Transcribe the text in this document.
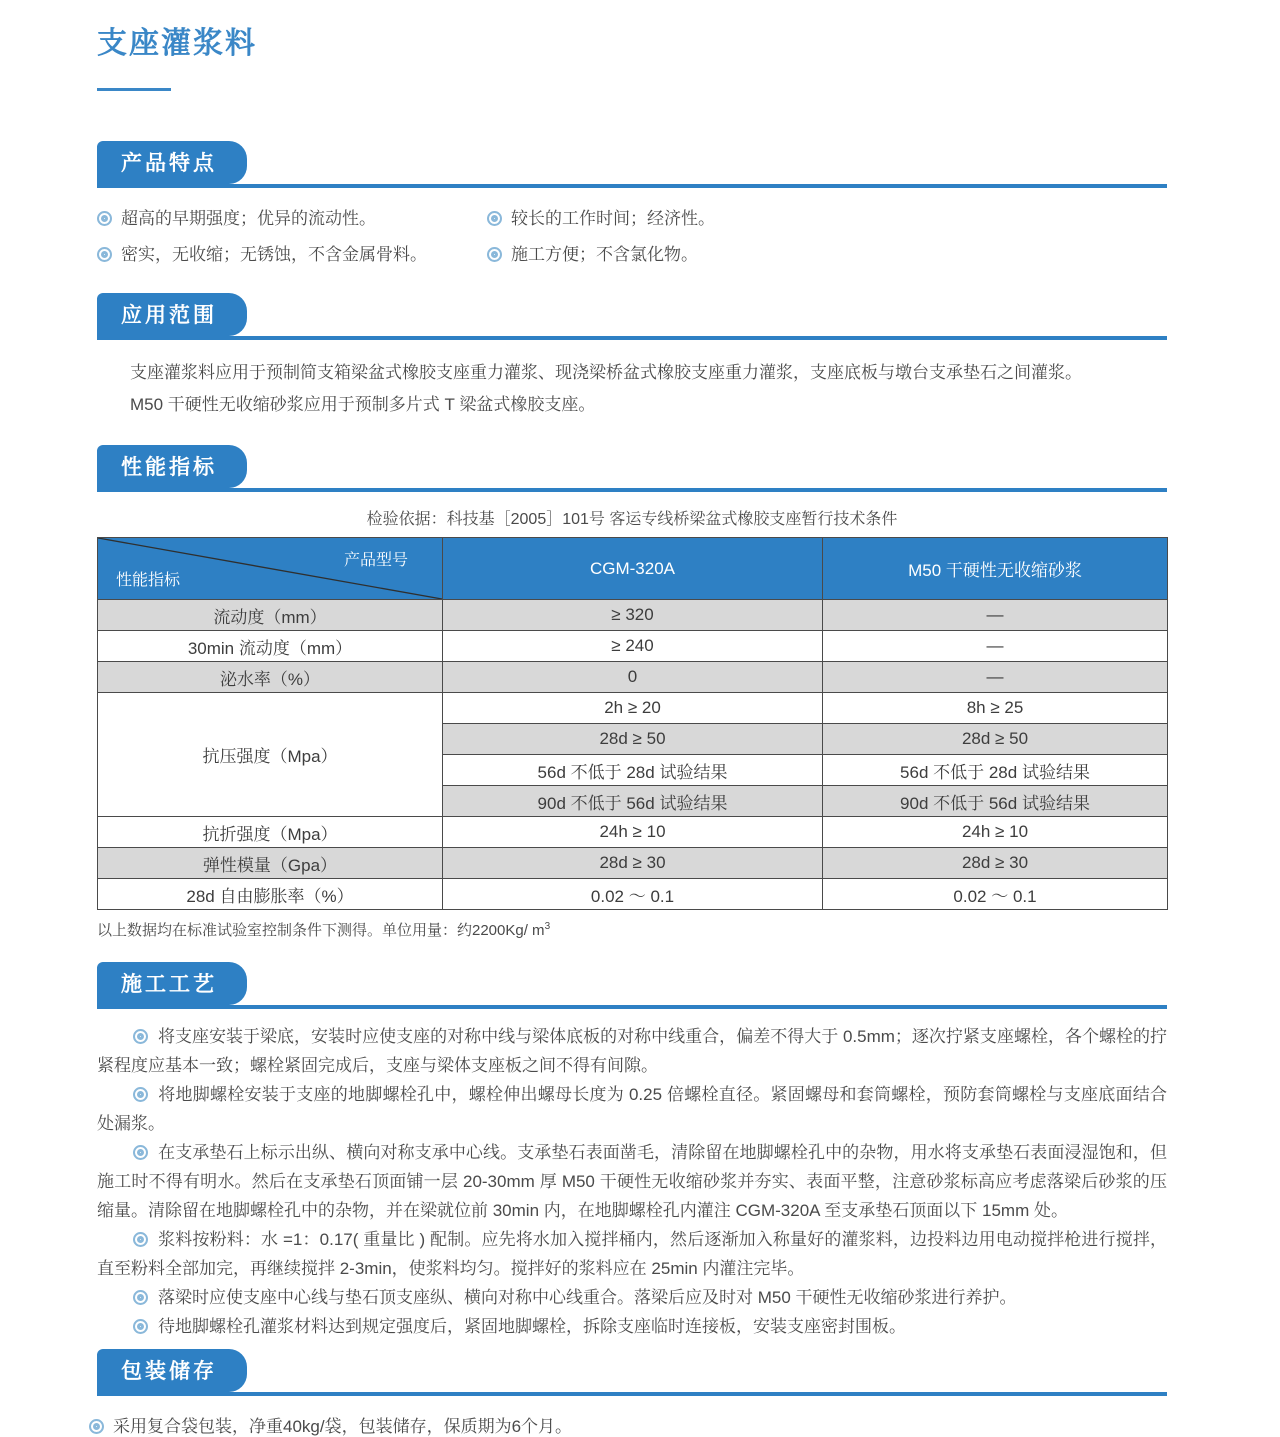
支座灌浆料
产品特点
超高的早期强度；优异的流动性。	较长的工作时间；经济性。
密实，无收缩；无锈蚀，不含金属骨料。	施工方便；不含氯化物。
应用范围
支座灌浆料应用于预制简支箱梁盆式橡胶支座重力灌浆、现浇梁桥盆式橡胶支座重力灌浆，支座底板与墩台支承垫石之间灌浆。
M50 干硬性无收缩砂浆应用于预制多片式 T 梁盆式橡胶支座。
性能指标
检验依据：科技基［2005］101号 客运专线桥梁盆式橡胶支座暂行技术条件
产品型号
性能指标	CGM-320A	M50 干硬性无收缩砂浆
流动度（mm）	≥ 320	—
30min 流动度（mm）	≥ 240	—
泌水率（%）	0	—
抗压强度（Mpa）	2h ≥ 20	8h ≥ 25
	28d ≥ 50	28d ≥ 50
	56d 不低于 28d 试验结果	56d 不低于 28d 试验结果
	90d 不低于 56d 试验结果	90d 不低于 56d 试验结果
抗折强度（Mpa）	24h ≥ 10	24h ≥ 10
弹性模量（Gpa）	28d ≥ 30	28d ≥ 30
28d 自由膨胀率（%）	0.02 ～ 0.1	0.02 ～ 0.1
以上数据均在标准试验室控制条件下测得。单位用量：约2200Kg/ $m^3$
施工工艺

将支座安装于梁底，安装时应使支座的对称中线与梁体底板的对称中线重合，偏差不得大于 0.5mm；逐次拧紧支座螺栓，各个螺栓的拧紧程度应基本一致；螺栓紧固完成后，支座与梁体支座板之间不得有间隙。

将地脚螺栓安装于支座的地脚螺栓孔中，螺栓伸出螺母长度为 0.25 倍螺栓直径。紧固螺母和套筒螺栓，预防套筒螺栓与支座底面结合处漏浆。

在支承垫石上标示出纵、横向对称支承中心线。支承垫石表面凿毛，清除留在地脚螺栓孔中的杂物，用水将支承垫石表面浸湿饱和，但施工时不得有明水。然后在支承垫石顶面铺一层 20-30mm 厚 M50 干硬性无收缩砂浆并夯实、表面平整，注意砂浆标高应考虑落梁后砂浆的压缩量。清除留在地脚螺栓孔中的杂物，并在梁就位前 30min 内，在地脚螺栓孔内灌注 CGM-320A 至支承垫石顶面以下 15mm 处。

浆料按粉料：水 =1：0.17( 重量比 ) 配制。应先将水加入搅拌桶内，然后逐渐加入称量好的灌浆料，边投料边用电动搅拌枪进行搅拌，直至粉料全部加完，再继续搅拌 2-3min，使浆料均匀。搅拌好的浆料应在 25min 内灌注完毕。

落梁时应使支座中心线与垫石顶支座纵、横向对称中心线重合。落梁后应及时对 M50 干硬性无收缩砂浆进行养护。

待地脚螺栓孔灌浆材料达到规定强度后，紧固地脚螺栓，拆除支座临时连接板，安装支座密封围板。

包装储存
采用复合袋包装，净重40kg/袋，包装储存，保质期为6个月。
